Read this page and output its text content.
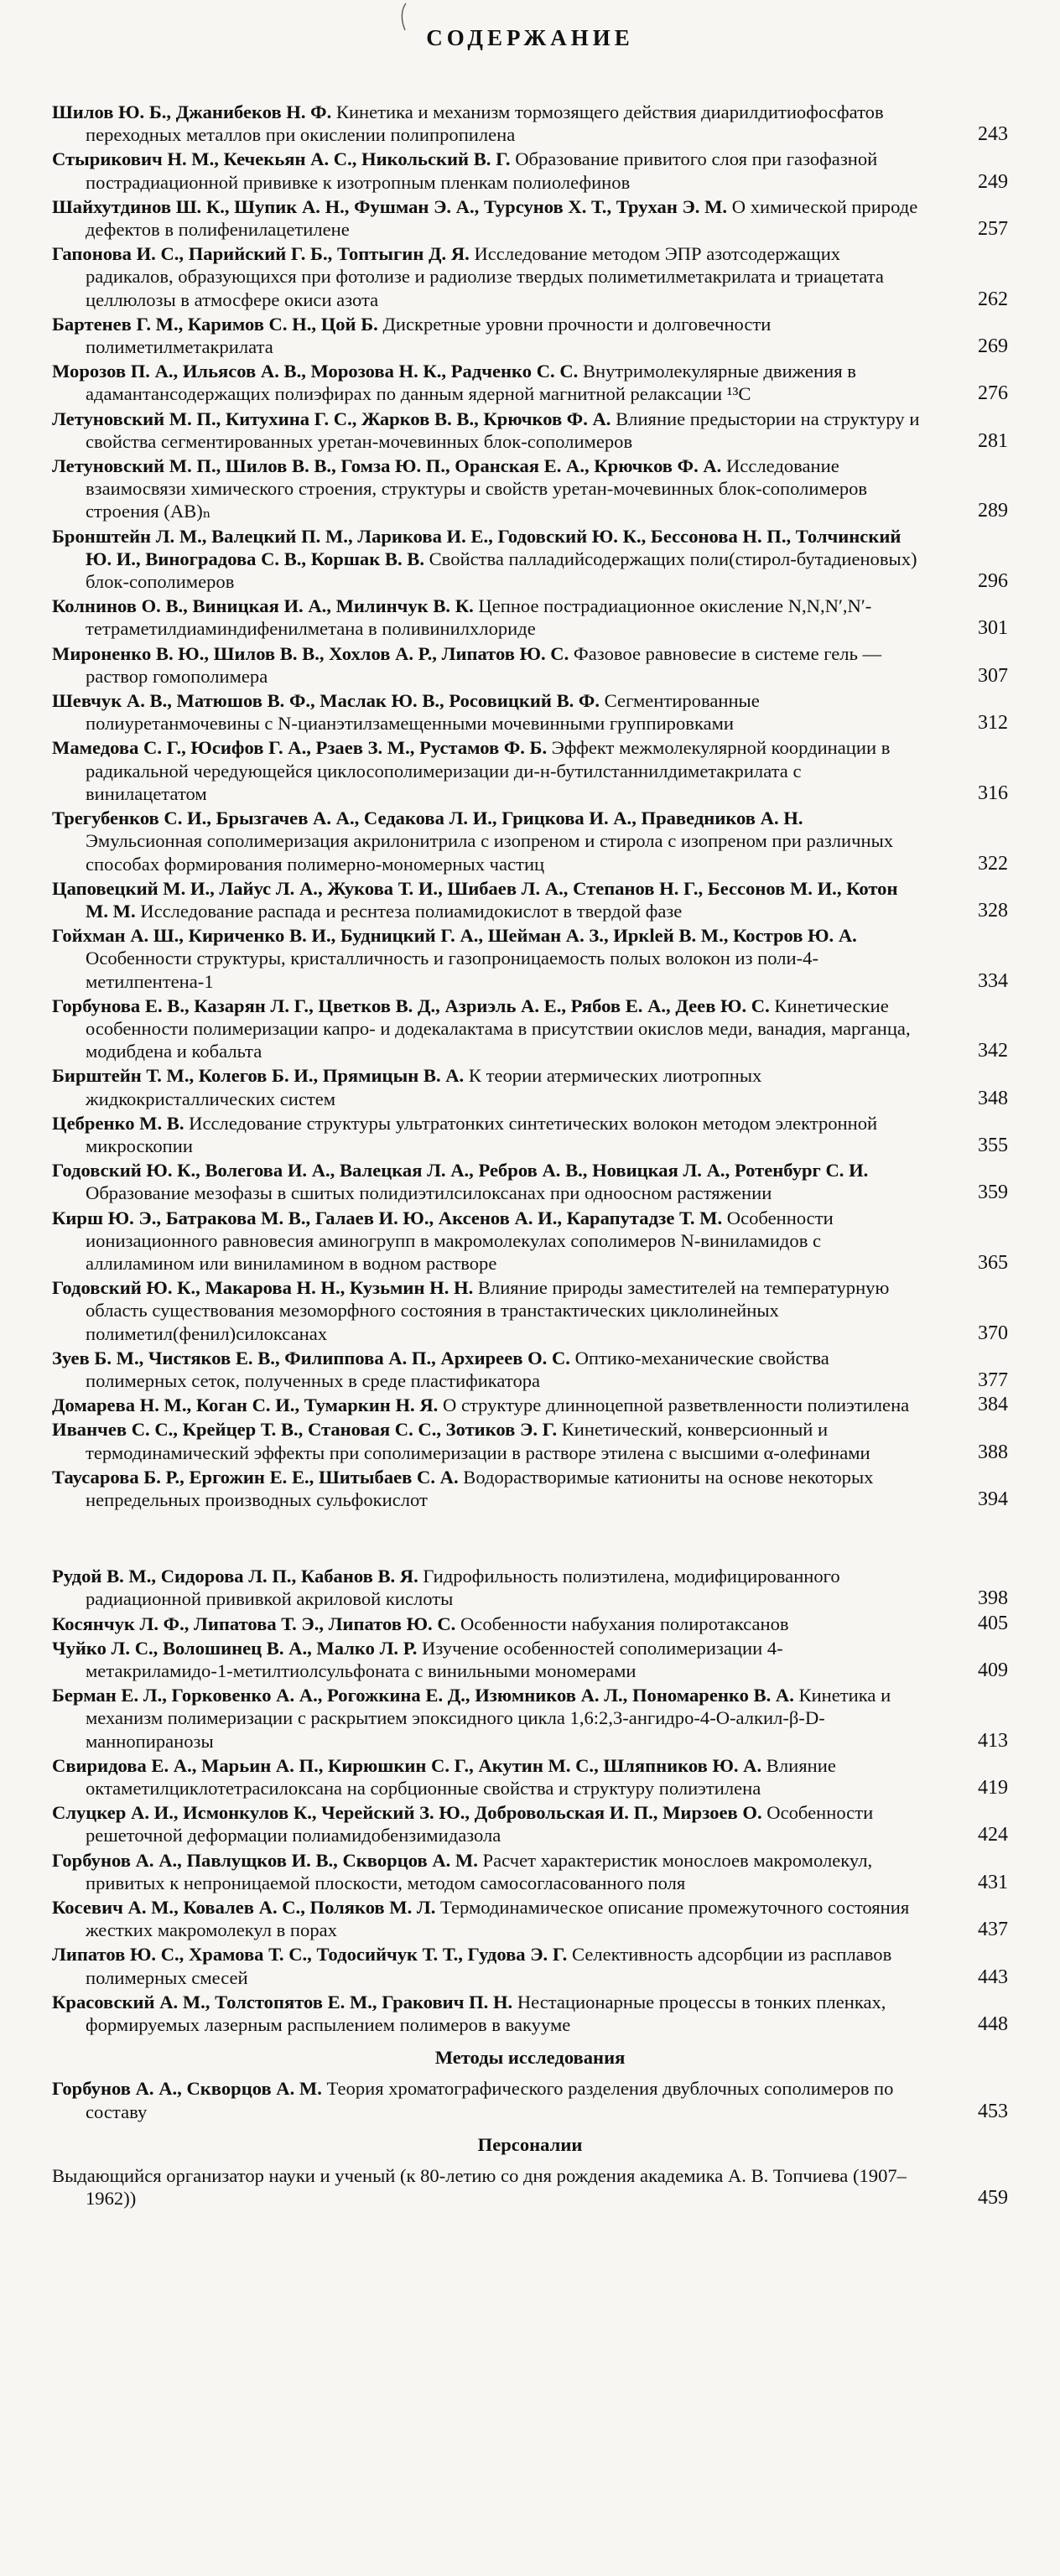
СОДЕРЖАНИЕ
Шилов Ю. Б., Джанибеков Н. Ф. Кинетика и механизм тормозящего действия диарилдитиофосфатов переходных металлов при окислении полипропилена	243
Стырикович Н. М., Кечекьян А. С., Никольский В. Г. Образование привитого слоя при газофазной пострадиационной прививке к изотропным пленкам полиолефинов	249
Шайхутдинов Ш. К., Шупик А. Н., Фушман Э. А., Турсунов Х. Т., Трухан Э. М. О химической природе дефектов в полифенилацетилене	257
Гапонова И. С., Парийский Г. Б., Топтыгин Д. Я. Исследование методом ЭПР азотсодержащих радикалов, образующихся при фотолизе и радиолизе твердых полиметилметакрилата и триацетата целлюлозы в атмосфере окиси азота	262
Бартенев Г. М., Каримов С. Н., Цой Б. Дискретные уровни прочности и долговечности полиметилметакрилата	269
Морозов П. А., Ильясов А. В., Морозова Н. К., Радченко С. С. Внутримолекулярные движения в адамантансодержащих полиэфирах по данным ядерной магнитной релаксации ¹³C	276
Летуновский М. П., Китухина Г. С., Жарков В. В., Крючков Ф. А. Влияние предыстории на структуру и свойства сегментированных уретан-мочевинных блок-сополимеров	281
Летуновский М. П., Шилов В. В., Гомза Ю. П., Оранская Е. А., Крючков Ф. А. Исследование взаимосвязи химического строения, структуры и свойств уретан-мочевинных блок-сополимеров строения (AB)ₙ	289
Бронштейн Л. М., Валецкий П. М., Ларикова И. Е., Годовский Ю. К., Бессонова Н. П., Толчинский Ю. И., Виноградова С. В., Коршак В. В. Свойства палладийсодержащих поли(стирол-бутадиеновых) блок-сополимеров	296
Колнинов О. В., Виницкая И. А., Милинчук В. К. Цепное пострадиационное окисление N,N,N′,N′-тетраметилдиаминдифенилметана в поливинилхлориде	301
Мироненко В. Ю., Шилов В. В., Хохлов А. Р., Липатов Ю. С. Фазовое равновесие в системе гель — раствор гомополимера	307
Шевчук А. В., Матюшов В. Ф., Маслак Ю. В., Росовицкий В. Ф. Сегментированные полиуретанмочевины с N-цианэтилзамещенными мочевинными группировками	312
Мамедова С. Г., Юсифов Г. А., Рзаев З. М., Рустамов Ф. Б. Эффект межмолекулярной координации в радикальной чередующейся циклосополимеризации ди-н-бутилстаннилдиметакрилата с винилацетатом	316
Трегубенков С. И., Брызгачев А. А., Седакова Л. И., Грицкова И. А., Праведников А. Н. Эмульсионная сополимеризация акрилонитрила с изопреном и стирола с изопреном при различных способах формирования полимерно-мономерных частиц	322
Цаповецкий М. И., Лайус Л. А., Жукова Т. И., Шибаев Л. А., Степанов Н. Г., Бессонов М. И., Котон М. М. Исследование распада и реснтеза полиамидокислот в твердой фазе	328
Гойхман А. Ш., Кириченко В. И., Будницкий Г. А., Шейман А. З., Иркleй В. М., Костров Ю. А. Особенности структуры, кристалличность и газопроницаемость полых волокон из поли-4-метилпентена-1	334
Горбунова Е. В., Казарян Л. Г., Цветков В. Д., Азриэль А. Е., Рябов Е. А., Деев Ю. С. Кинетические особенности полимеризации капро- и додекалактама в присутствии окислов меди, ванадия, марганца, модибдена и кобальта	342
Бирштейн Т. М., Колегов Б. И., Прямицын В. А. К теории атермических лиотропных жидкокристаллических систем	348
Цебренко М. В. Исследование структуры ультратонких синтетических волокон методом электронной микроскопии	355
Годовский Ю. К., Волегова И. А., Валецкая Л. А., Ребров А. В., Новицкая Л. А., Ротенбург С. И. Образование мезофазы в сшитых полидиэтилсилоксанах при одноосном растяжении	359
Кирш Ю. Э., Батракова М. В., Галаев И. Ю., Аксенов А. И., Карапутадзе Т. М. Особенности ионизационного равновесия аминогрупп в макромолекулах сополимеров N-виниламидов с аллиламином или виниламином в водном растворе	365
Годовский Ю. К., Макарова Н. Н., Кузьмин Н. Н. Влияние природы заместителей на температурную область существования мезоморфного состояния в транстактических циклолинейных полиметил(фенил)силоксанах	370
Зуев Б. М., Чистяков Е. В., Филиппова А. П., Архиреев О. С. Оптико-механические свойства полимерных сеток, полученных в среде пластификатора	377
Домарева Н. М., Коган С. И., Тумаркин Н. Я. О структуре длинноцепной разветвленности полиэтилена	384
Иванчев С. С., Крейцер Т. В., Становая С. С., Зотиков Э. Г. Кинетический, конверсионный и термодинамический эффекты при сополимеризации в растворе этилена с высшими α-олефинами	388
Таусарова Б. Р., Ергожин Е. Е., Шитыбаев С. А. Водорастворимые катиониты на основе некоторых непредельных производных сульфокислот	394
Рудой В. М., Сидорова Л. П., Кабанов В. Я. Гидрофильность полиэтилена, модифицированного радиационной прививкой акриловой кислоты	398
Косянчук Л. Ф., Липатова Т. Э., Липатов Ю. С. Особенности набухания полиротаксанов	405
Чуйко Л. С., Волошинец В. А., Малко Л. Р. Изучение особенностей сополимеризации 4-метакриламидо-1-метилтиолсульфоната с винильными мономерами	409
Берман Е. Л., Горковенко А. А., Рогожкина Е. Д., Изюмников А. Л., Пономаренко В. А. Кинетика и механизм полимеризации с раскрытием эпоксидного цикла 1,6:2,3-ангидро-4-О-алкил-β-D-маннопиранозы	413
Свиридова Е. А., Марьин А. П., Кирюшкин С. Г., Акутин М. С., Шляпников Ю. А. Влияние октаметилциклотетрасилоксана на сорбционные свойства и структуру полиэтилена	419
Слуцкер А. И., Исмонкулов К., Черейский З. Ю., Добровольская И. П., Мирзоев О. Особенности решеточной деформации полиамидобензимидазола	424
Горбунов А. А., Павлущков И. В., Скворцов А. М. Расчет характеристик монослоев макромолекул, привитых к непроницаемой плоскости, методом самосогласованного поля	431
Косевич А. М., Ковалев А. С., Поляков М. Л. Термодинамическое описание промежуточного состояния жестких макромолекул в порах	437
Липатов Ю. С., Храмова Т. С., Тодосийчук Т. Т., Гудова Э. Г. Селективность адсорбции из расплавов полимерных смесей	443
Красовский А. М., Толстопятов Е. М., Гракович П. Н. Нестационарные процессы в тонких пленках, формируемых лазерным распылением полимеров в вакууме	448
Методы исследования
Горбунов А. А., Скворцов А. М. Теория хроматографического разделения двублочных сополимеров по составу	453
Персоналии
Выдающийся организатор науки и ученый (к 80-летию со дня рождения академика А. В. Топчиева (1907–1962))	459
